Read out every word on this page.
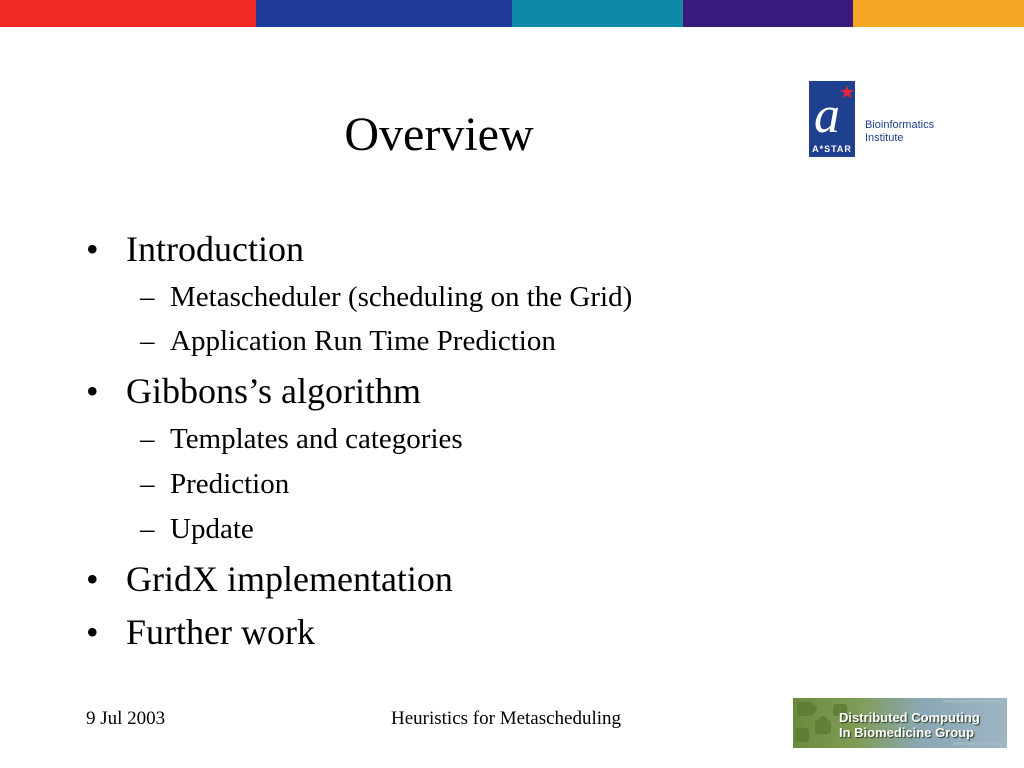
Overview	a
A*STAR
Bioinformatics
Institute
• Introduction
– Metascheduler (scheduling on the Grid)
– Application Run Time Prediction
• Gibbons’s algorithm
– Templates and categories
– Prediction
– Update
• GridX implementation
• Further work
9 Jul 2003	Heuristics for Metascheduling	Distributed Computing
In Biomedicine Group
